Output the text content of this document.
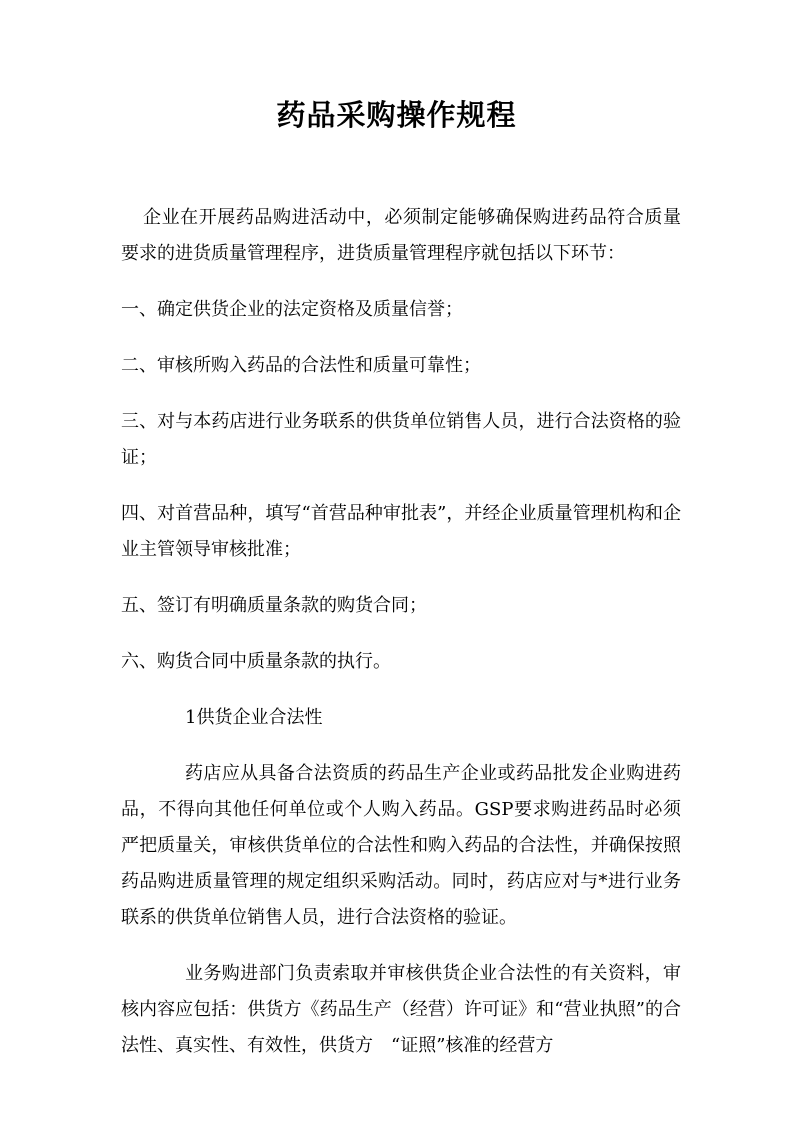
药品采购操作规程

企业在开展药品购进活动中，必须制定能够确保购进药品符合质量要求的进货质量管理程序，进货质量管理程序就包括以下环节：

一、确定供货企业的法定资格及质量信誉；

二、审核所购入药品的合法性和质量可靠性；

三、对与本药店进行业务联系的供货单位销售人员，进行合法资格的验证；

四、对首营品种，填写“首营品种审批表”，并经企业质量管理机构和企业主管领导审核批准；

五、签订有明确质量条款的购货合同；

六、购货合同中质量条款的执行。

1供货企业合法性

药店应从具备合法资质的药品生产企业或药品批发企业购进药品，不得向其他任何单位或个人购入药品。GSP要求购进药品时必须严把质量关，审核供货单位的合法性和购入药品的合法性，并确保按照药品购进质量管理的规定组织采购活动。同时，药店应对与*进行业务联系的供货单位销售人员，进行合法资格的验证。

业务购进部门负责索取并审核供货企业合法性的有关资料，审核内容应包括：供货方《药品生产（经营）许可证》和“营业执照”的合法性、真实性、有效性，供货方　“证照”核准的经营方
